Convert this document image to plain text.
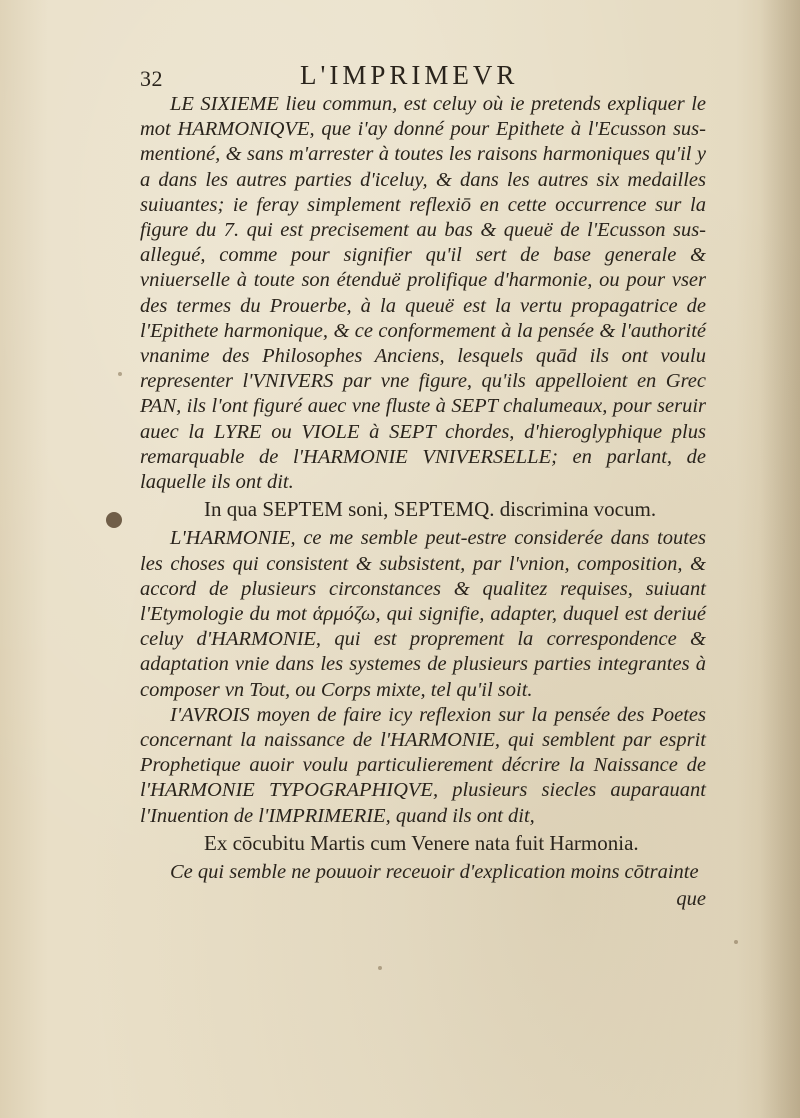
32	L'IMPRIMEVR

LE SIXIEME lieu commun, est celuy où ie pretends expliquer le mot HARMONIQVE, que i'ay donné pour Epithete à l'Ecusson sus-mentioné, & sans m'arrester à toutes les raisons harmoniques qu'il y a dans les autres parties d'iceluy, & dans les autres six medailles suiuantes; ie feray simplement reflexiō en cette occurrence sur la figure du 7. qui est precisement au bas & queuë de l'Ecusson sus-allegué, comme pour signifier qu'il sert de base generale & vniuerselle à toute son étenduë prolifique d'harmonie, ou pour vser des termes du Prouerbe, à la queuë est la vertu propagatrice de l'Epithete harmonique, & ce conformement à la pensée & l'authorité vnanime des Philosophes Anciens, lesquels quād ils ont voulu representer l'VNIVERS par vne figure, qu'ils appelloient en Grec PAN, ils l'ont figuré auec vne fluste à SEPT chalumeaux, pour seruir auec la LYRE ou VIOLE à SEPT chordes, d'hieroglyphique plus remarquable de l'HARMONIE VNIVERSELLE; en parlant, de laquelle ils ont dit.

In qua SEPTEM soni, SEPTEMQ. discrimina vocum.

L'HARMONIE, ce me semble peut-estre considerée dans toutes les choses qui consistent & subsistent, par l'vnion, composition, & accord de plusieurs circonstances & qualitez requises, suiuant l'Etymologie du mot ἁρμόζω, qui signifie, adapter, duquel est deriué celuy d'HARMONIE, qui est proprement la correspondence & adaptation vnie dans les systemes de plusieurs parties integrantes à composer vn Tout, ou Corps mixte, tel qu'il soit.

I'AVROIS moyen de faire icy reflexion sur la pensée des Poetes concernant la naissance de l'HARMONIE, qui semblent par esprit Prophetique auoir voulu particulierement décrire la Naissance de l'HARMONIE TYPOGRAPHIQVE, plusieurs siecles auparauant l'Inuention de l'IMPRIMERIE, quand ils ont dit,

Ex cōcubitu Martis cum Venere nata fuit Harmonia.

Ce qui semble ne pouuoir receuoir d'explication moins cōtrainte

que
